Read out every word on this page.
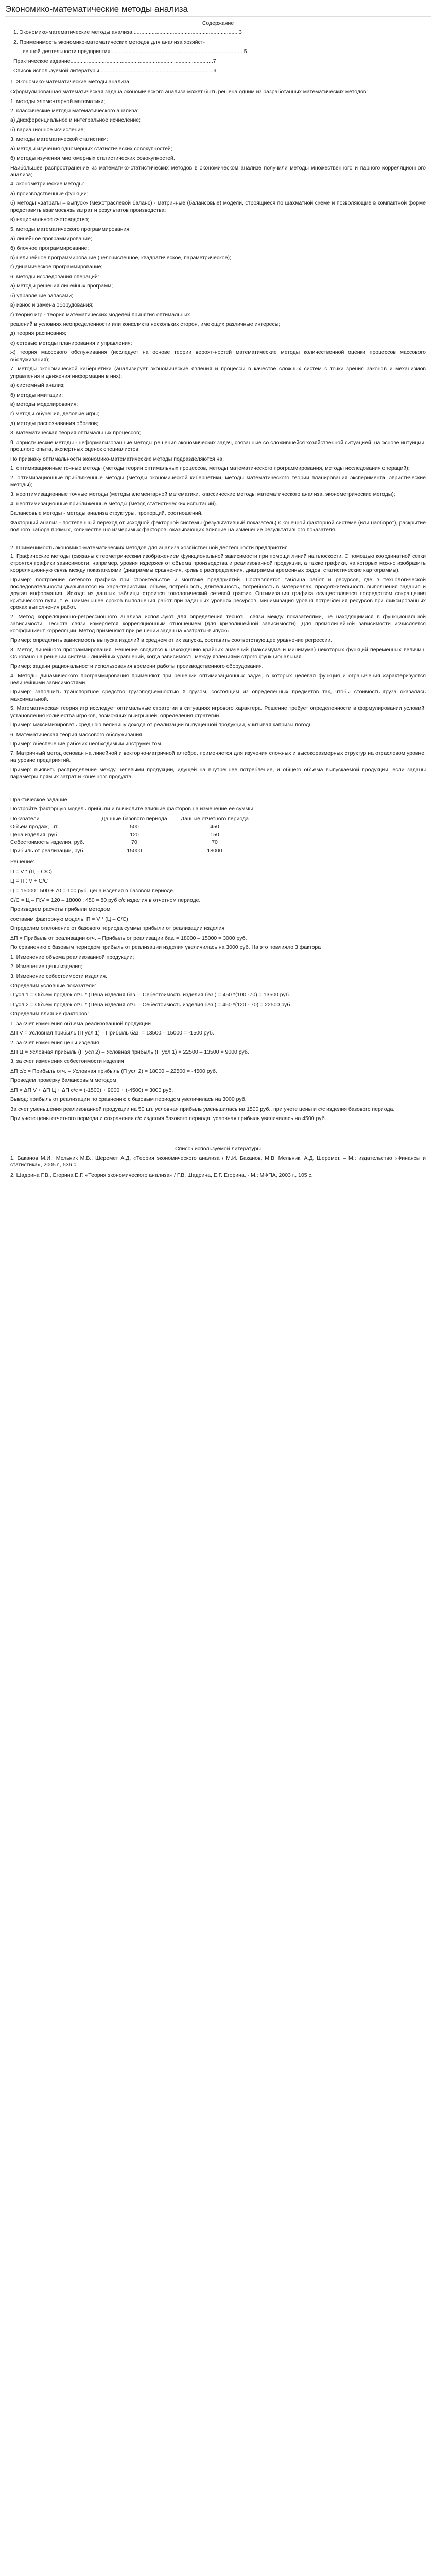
Экономико-математические методы анализа

Содержание

1. Экономико-математические методы анализа.......................................................................3

2. Применимость экономико-математических методов для анализа хозяйст-

венной деятельности предприятия.........................................................................................5

Практическое задание...............................................................................................7

Список используемой литературы............................................................................9

1. Экономико-математические методы анализа

Сформулированная математическая задача экономического анализа может быть решена одним из разработанных математических методов:

1. методы элементарной математики;

2. классические методы математического анализа:

а) дифференциальное и интегральное исчисление;

б) вариационное исчисление;

3. методы математической статистики:

а) методы изучения одномерных статистических совокупностей;

б) методы изучения многомерных статистических совокупностей.

Наибольшее распространение из математико-статистических методов в экономическом анализе получили методы множественного и парного корреляционного анализа;

4. эконометрические методы:

а) производственные функции;

б) методы «затраты – выпуск» (межотраслевой баланс) - матричные (балансовые) модели, строящиеся по шахматной схеме и позволяющие в компактной форме представить взаимосвязь затрат и результатов производства;

в) национальное счетоводство;

5. методы математического программирования:

а) линейное программирование;

б) блочное программирование;

в) нелинейное программирование (целочисленное, квадратическое, параметрическое);

г) динамическое программирование;

6. методы исследования операций:

а) методы решения линейных программ;

б) управление запасами;

в) износ и замена оборудования;

г) теория игр - теория математических моделей принятия оптимальных

решений в условиях неопределенности или конфликта нескольких сторон, имеющих различные интересы;

д) теория расписания;

е) сетевые методы планирования и управления;

ж) теория массового обслуживания (исследует на основе теории вероят-ностей математические методы количественной оценки процессов массового обслуживания);

7. методы экономической кибернетики (анализирует экономические явления и процессы в качестве сложных систем с точки зрения законов и механизмов управления и движения информации в них):

а) системный анализ;

б) методы имитации;

в) методы моделирования;

г) методы обучения, деловые игры;

д) методы распознавания образов;

8. математическая теория оптимальных процессов;

9. эвристические методы - неформализованные методы решения экономических задач, связанные со сложившейся хозяйственной ситуацией, на основе интуиции, прошлого опыта, экспертных оценок специалистов.

По признаку оптимальности экономико-математические методы подразделяются на:

1. оптимизационные точные методы (методы теории оптимальных процессов, методы математического программирования, методы исследования операций);

2. оптимизационные приближенные методы (методы экономической кибернетики, методы математического теории планирования эксперимента, эвристические методы);

3. неоптимизационные точные методы (методы элементарной математики, классические методы математического анализа, эконометрические методы);

4. неоптимизационные приближенные методы (метод статистических испытаний).

Балансовые методы - методы анализа структуры, пропорций, соотношений.

Факторный анализ - постепенный переход от исходной факторной системы (результативный показатель) к конечной факторной системе (или наоборот), раскрытие полного набора прямых, количественно измеримых факторов, оказывающих влияние на изменение результативного показателя.

2. Применимость экономико-математических методов для анализа хозяйственной деятельности предприятия

1. Графические методы (связаны с геометрическим изображением функциональной зависимости при помощи линий на плоскости. С помощью координатной сетки строятся графики зависимости, например, уровня издержек от объема производства и реализованной продукции, а также графики, на которых можно изобразить корреляционную связь между показателями (диаграммы сравнения, кривые распределения, диаграммы временных рядов, статистические картограммы).

Пример: построение сетевого графика при строительстве и монтаже предприятий. Составляется таблица работ и ресурсов, где в технологической последовательности указываются их характеристики, объем, потребность, длительность, потребность в материалах, продолжительность выполнения задания и другая информация. Исходя из данных таблицы строится топологический сетевой график. Оптимизация графика осуществляется посредством сокращения критического пути, т. е. наименьшее сроков выполнения работ при заданных уровнях ресурсов, минимизация уровня потребления ресурсов при фиксированных сроках выполнения работ.

2. Метод корреляционно-регрессионного анализа используют для определения тесноты связи между показателями, не находящимися в функциональной зависимости. Теснота связи измеряется корреляционным отношением (для криволинейной зависимости). Для прямолинейной зависимости исчисляется коэффициент корреляции. Метод применяют при решении задач на «затраты-выпуск».

Пример: определить зависимость выпуска изделий в среднем от их запуска, составить соответствующее уравнение регрессии.

3. Метод линейного программирования. Решение сводится к нахождению крайних значений (максимума и минимума) некоторых функций переменных величин. Основано на решении системы линейных уравнений, когда зависимость между явлениями строго функциональная.

Пример: задачи рациональности использования времени работы производственного оборудования.

4. Методы динамического программирования применяют при решении оптимизационных задач, в которых целевая функция и ограничения характеризуются нелинейными зависимостями.

Пример: заполнить транспортное средство грузоподъемностью Х грузом, состоящим из определенных предметов так, чтобы стоимость груза оказалась максимальной.

5. Математическая теория игр исследует оптимальные стратегии в ситуациях игрового характера. Решение требует определенности в формулировании условий: установления количества игроков, возможных выигрышей, определения стратегии.

Пример: максимизировать среднюю величину дохода от реализации выпущенной продукции, учитывая капризы погоды.

6. Математическая теория массового обслуживания.

Пример: обеспечение рабочих необходимым инструментом.

7. Матричный метод основан на линейной и векторно-матричной алгебре, применяется для изучения сложных и высокоразмерных структур на отраслевом уровне, на уровне предприятий.

Пример: выявить распределение между целевыми продукции, идущей на внутреннее потребление, и общего объема выпускаемой продукции, если заданы параметры прямых затрат и конечного продукта.

Практическое задание

Постройте факторную модель прибыли и вычислите влияние факторов на изменение ее суммы

Показатели	Данные базового периода	Данные отчетного периода
Объем продаж, шт.	500	450
Цена изделия, руб.	120	150
Себестоимость изделия, руб.	70	70
Прибыль от реализации, руб.	15000	18000

Решение:

П = V * (Ц – С/С)

Ц = П : V + С/С

Ц = 15000 : 500 + 70 = 100 руб. цена изделия в базовом периоде.

С/С = Ц – П:V = 120 – 18000 : 450 = 80 руб с/с изделия в отчетном периоде.

Произведем расчеты прибыли методом

составим факторную модель: П = V * (Ц – С/С)

Определим отклонение от базового периода суммы прибыли от реализации изделия

ΔП = Прибыль от реализации отч. – Прибыль от реализации баз. = 18000 – 15000 = 3000 руб.

По сравнению с базовым периодом прибыль от реализации изделия увеличилась на 3000 руб. На это повлияло 3 фактора

1. Изменение объема реализованной продукции;

2. Изменение цены изделия;

3. Изменение себестоимости изделия.

Определим условные показатели:

П усл 1 = Объем продаж отч. * (Цена изделия баз. – Себестоимость изделия баз.) = 450 *(100 -70) = 13500 руб.

П усл 2 = Объем продаж отч. * (Цена изделия отч. – Себестоимость изделия баз.) = 450 *(120 - 70) = 22500 руб.

Определим влияние факторов:

1. за счет изменения объема реализованной продукции

ΔП V = Условная прибыль (П усл 1) – Прибыль баз. = 13500 – 15000 = -1500 руб.

2. за счет изменения цены изделия

ΔП Ц = Условная прибыль (П усл 2) – Условная прибыль (П усл 1) = 22500 – 13500 = 9000 руб.

3. за счет изменения себестоимости изделия

ΔП с/с = Прибыль отч. – Условная прибыль (П усл 2) = 18000 – 22500 = -4500 руб.

Проведем проверку балансовым методом

ΔП = ΔП V + ΔП Ц + ΔП с/с = (-1500) + 9000 + (-4500) = 3000 руб.

Вывод: прибыль от реализации по сравнению с базовым периодом увеличилась на 3000 руб.

За счет уменьшения реализованной продукции на 50 шт. условная прибыль уменьшилась на 1500 руб., при учете цены и с/с изделия базового периода.

При учете цены отчетного периода и сохранения с/с изделия базового периода, условная прибыль увеличилась на 4500 руб.

Список используемой литературы

1. Баканов М.И., Мельник М.В., Шеремет А.Д. «Теория экономического анализа / М.И. Баканов, М.В. Мельник, А.Д. Шеремет. – М.: издательство «Финансы и статистика», 2005 г., 536 с.

2. Шадрина Г.В., Егорина Е.Г. «Теория экономического анализа» / Г.В. Шадрина, Е.Г. Егорина, - М.: МФПА, 2003 г., 105 с.
